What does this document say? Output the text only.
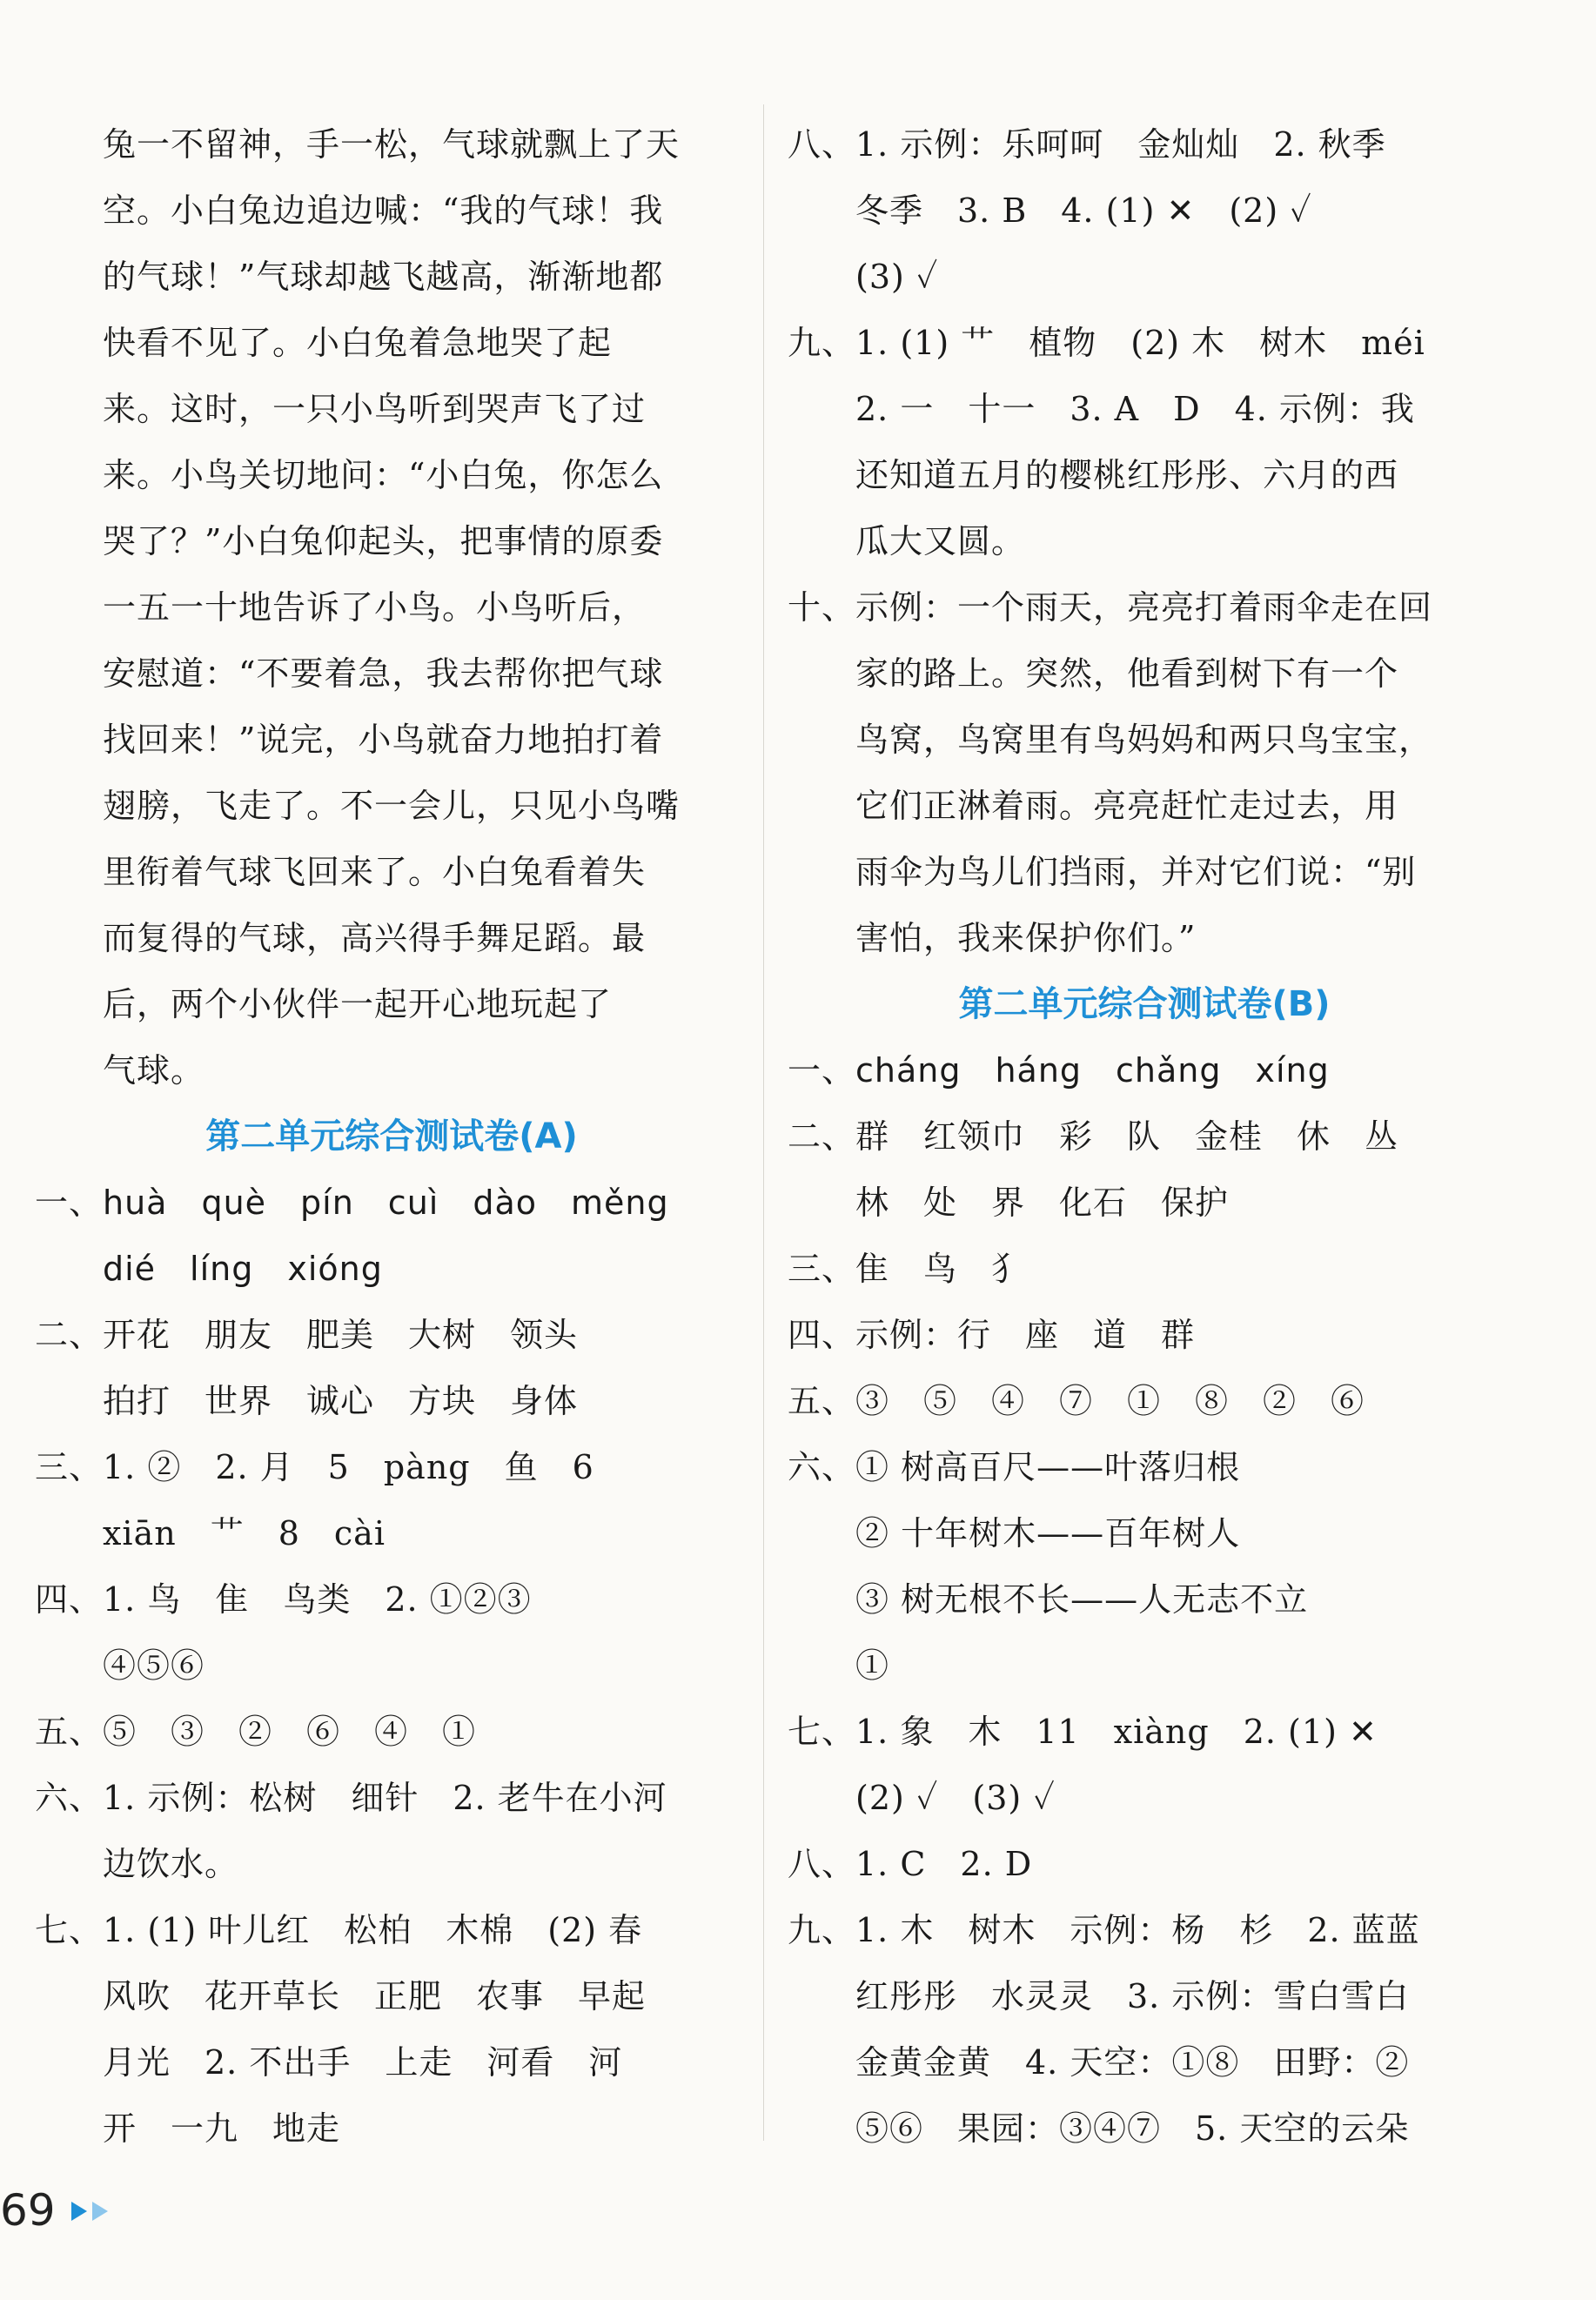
　　兔一不留神，手一松，气球就飘上了天
　　空。小白兔边追边喊：“我的气球！我
　　的气球！”气球却越飞越高，渐渐地都
　　快看不见了。小白兔着急地哭了起
　　来。这时，一只小鸟听到哭声飞了过
　　来。小鸟关切地问：“小白兔，你怎么
　　哭了？”小白兔仰起头，把事情的原委
　　一五一十地告诉了小鸟。小鸟听后，
　　安慰道：“不要着急，我去帮你把气球
　　找回来！”说完，小鸟就奋力地拍打着
　　翅膀，飞走了。不一会儿，只见小鸟嘴
　　里衔着气球飞回来了。小白兔看着失
　　而复得的气球，高兴得手舞足蹈。最
　　后，两个小伙伴一起开心地玩起了
　　气球。
第二单元综合测试卷(A)
一、huà　què　pín　cuì　dào　měng
　　dié　líng　xióng
二、开花　朋友　肥美　大树　领头
　　拍打　世界　诚心　方块　身体
三、1. ②　2. 月　5　pàng　鱼　6
　　xiān　艹　8　cài
四、1. 鸟　隹　鸟类　2. ①②③
　　④⑤⑥
五、⑤　③　②　⑥　④　①
六、1. 示例：松树　细针　2. 老牛在小河
　　边饮水。
七、1. (1) 叶儿红　松柏　木棉　(2) 春
　　风吹　花开草长　正肥　农事　早起
　　月光　2. 不出手　上走　河看　河
　　开　一九　地走
八、1. 示例：乐呵呵　金灿灿　2. 秋季
　　冬季　3. B　4. (1) ✕　(2) ✓
　　(3) ✓
九、1. (1) 艹　植物　(2) 木　树木　méi
　　2. 一　十一　3. A　D　4. 示例：我
　　还知道五月的樱桃红彤彤、六月的西
　　瓜大又圆。
十、示例：一个雨天，亮亮打着雨伞走在回
　　家的路上。突然，他看到树下有一个
　　鸟窝，鸟窝里有鸟妈妈和两只鸟宝宝，
　　它们正淋着雨。亮亮赶忙走过去，用
　　雨伞为鸟儿们挡雨，并对它们说：“别
　　害怕，我来保护你们。”
第二单元综合测试卷(B)
一、cháng　háng　chǎng　xíng
二、群　红领巾　彩　队　金桂　休　丛
　　林　处　界　化石　保护
三、隹　鸟　犭
四、示例：行　座　道　群
五、③　⑤　④　⑦　①　⑧　②　⑥
六、① 树高百尺——叶落归根
　　② 十年树木——百年树人
　　③ 树无根不长——人无志不立
　　①
七、1. 象　木　11　xiàng　2. (1) ✕
　　(2) ✓　(3) ✓
八、1. C　2. D
九、1. 木　树木　示例：杨　杉　2. 蓝蓝
　　红彤彤　水灵灵　3. 示例：雪白雪白
　　金黄金黄　4. 天空：①⑧　田野：②
　　⑤⑥　果园：③④⑦　5. 天空的云朵
69
